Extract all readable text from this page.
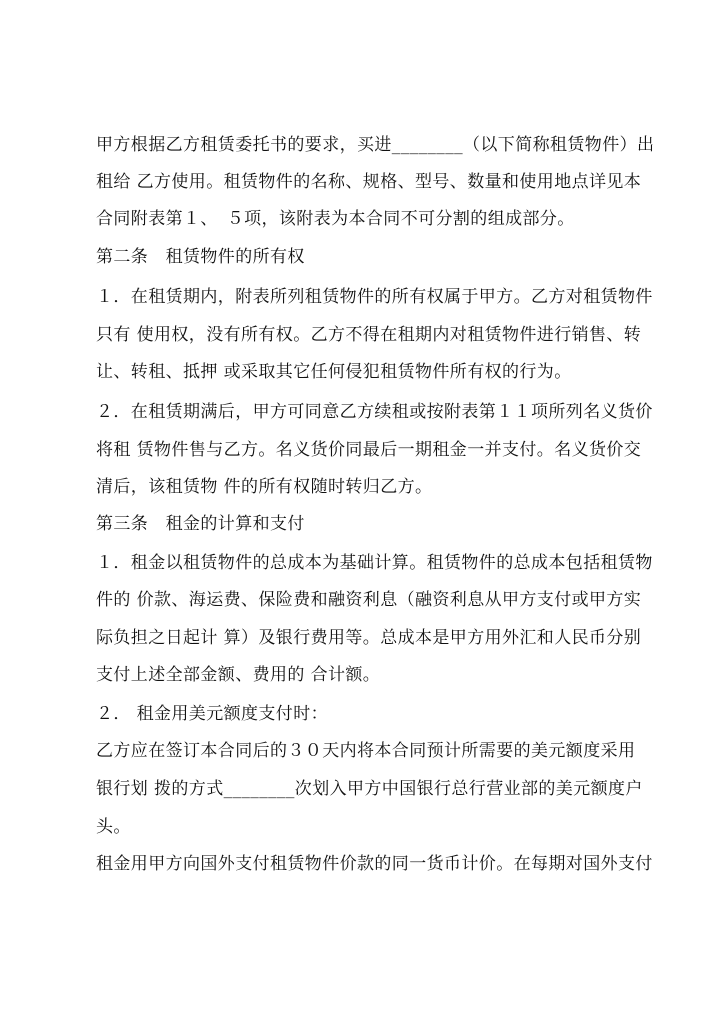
甲方根据乙方租赁委托书的要求，买进________（以下简称租赁物件）出
租给 乙方使用。租赁物件的名称、规格、型号、数量和使用地点详见本
合同附表第１、　５项，该附表为本合同不可分割的组成部分。
第二条　租赁物件的所有权
１．在租赁期内，附表所列租赁物件的所有权属于甲方。乙方对租赁物件
只有 使用权，没有所有权。乙方不得在租期内对租赁物件进行销售、转
让、转租、抵押 或采取其它任何侵犯租赁物件所有权的行为。
２．在租赁期满后，甲方可同意乙方续租或按附表第１１项所列名义货价
将租 赁物件售与乙方。名义货价同最后一期租金一并支付。名义货价交
清后，该租赁物 件的所有权随时转归乙方。
第三条　租金的计算和支付
１．租金以租赁物件的总成本为基础计算。租赁物件的总成本包括租赁物
件的 价款、海运费、保险费和融资利息（融资利息从甲方支付或甲方实
际负担之日起计 算）及银行费用等。总成本是甲方用外汇和人民币分别
支付上述全部金额、费用的 合计额。
２． 租金用美元额度支付时：
乙方应在签订本合同后的３０天内将本合同预计所需要的美元额度采用
银行划 拨的方式________次划入甲方中国银行总行营业部的美元额度户
头。
租金用甲方向国外支付租赁物件价款的同一货币计价。在每期对国外支付
